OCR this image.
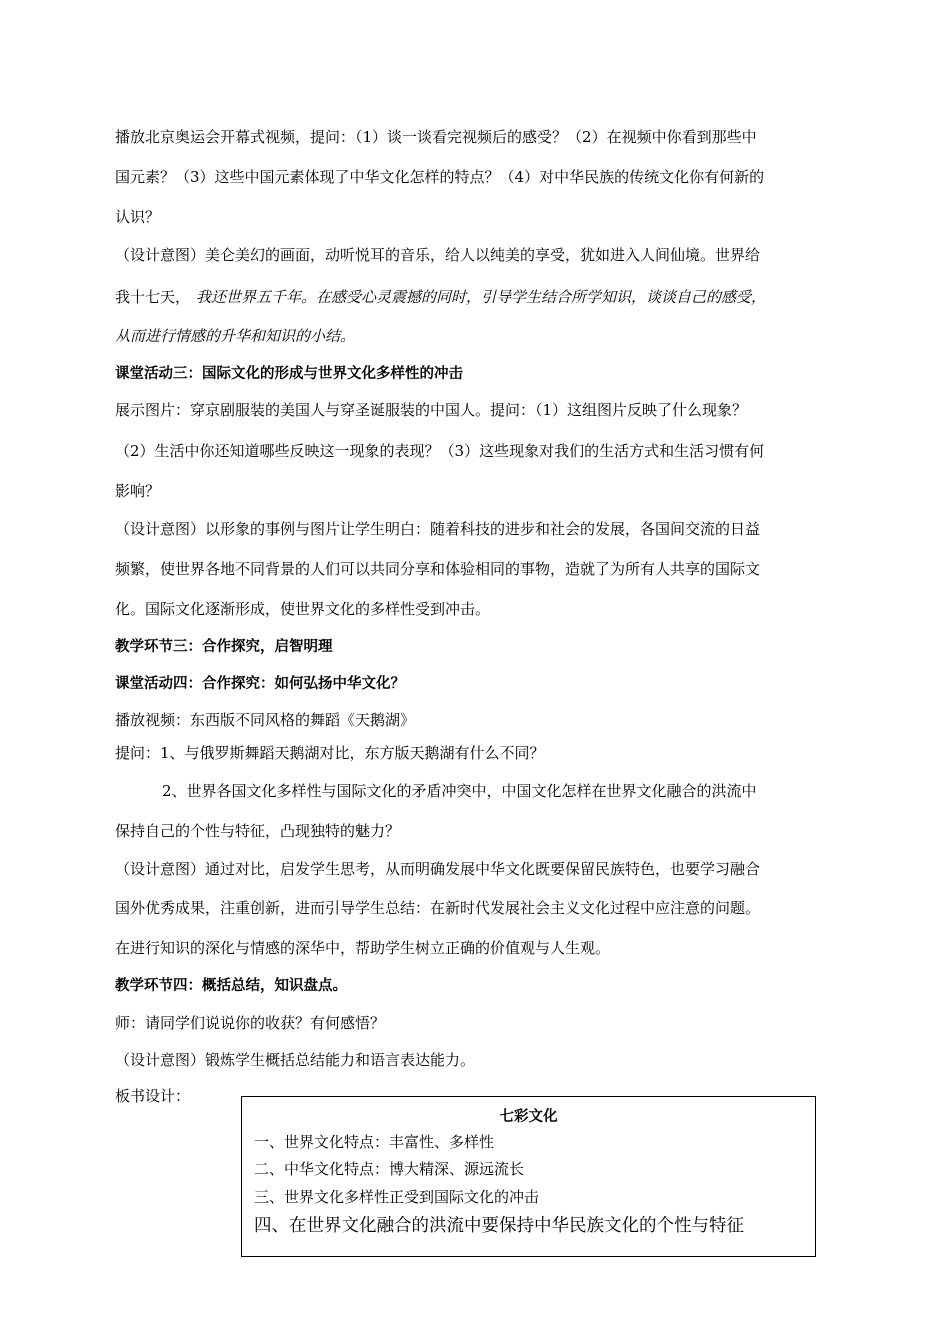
播放北京奥运会开幕式视频，提问：（1）谈一谈看完视频后的感受？（2）在视频中你看到那些中
国元素？（3）这些中国元素体现了中华文化怎样的特点？（4）对中华民族的传统文化你有何新的
认识？
（设计意图）美仑美幻的画面，动听悦耳的音乐，给人以纯美的享受，犹如进入人间仙境。世界给
我十七天， 我还世界五千年。在感受心灵震撼的同时，引导学生结合所学知识，谈谈自己的感受，
从而进行情感的升华和知识的小结。
课堂活动三：国际文化的形成与世界文化多样性的冲击
展示图片：穿京剧服装的美国人与穿圣诞服装的中国人。提问：（1）这组图片反映了什么现象？
（2）生活中你还知道哪些反映这一现象的表现？（3）这些现象对我们的生活方式和生活习惯有何
影响？
（设计意图）以形象的事例与图片让学生明白：随着科技的进步和社会的发展，各国间交流的日益
频繁，使世界各地不同背景的人们可以共同分享和体验相同的事物，造就了为所有人共享的国际文
化。国际文化逐渐形成，使世界文化的多样性受到冲击。
教学环节三：合作探究，启智明理
课堂活动四：合作探究：如何弘扬中华文化？
播放视频：东西版不同风格的舞蹈《天鹅湖》
提问：1、与俄罗斯舞蹈天鹅湖对比，东方版天鹅湖有什么不同？
2、世界各国文化多样性与国际文化的矛盾冲突中，中国文化怎样在世界文化融合的洪流中
保持自己的个性与特征，凸现独特的魅力？
（设计意图）通过对比，启发学生思考，从而明确发展中华文化既要保留民族特色，也要学习融合
国外优秀成果，注重创新，进而引导学生总结：在新时代发展社会主义文化过程中应注意的问题。
在进行知识的深化与情感的深华中，帮助学生树立正确的价值观与人生观。
教学环节四：概括总结，知识盘点。
师：请同学们说说你的收获？有何感悟？
（设计意图）锻炼学生概括总结能力和语言表达能力。
板书设计：
七彩文化
一、世界文化特点：丰富性、多样性
二、中华文化特点：博大精深、源远流长
三、世界文化多样性正受到国际文化的冲击
四、在世界文化融合的洪流中要保持中华民族文化的个性与特征
